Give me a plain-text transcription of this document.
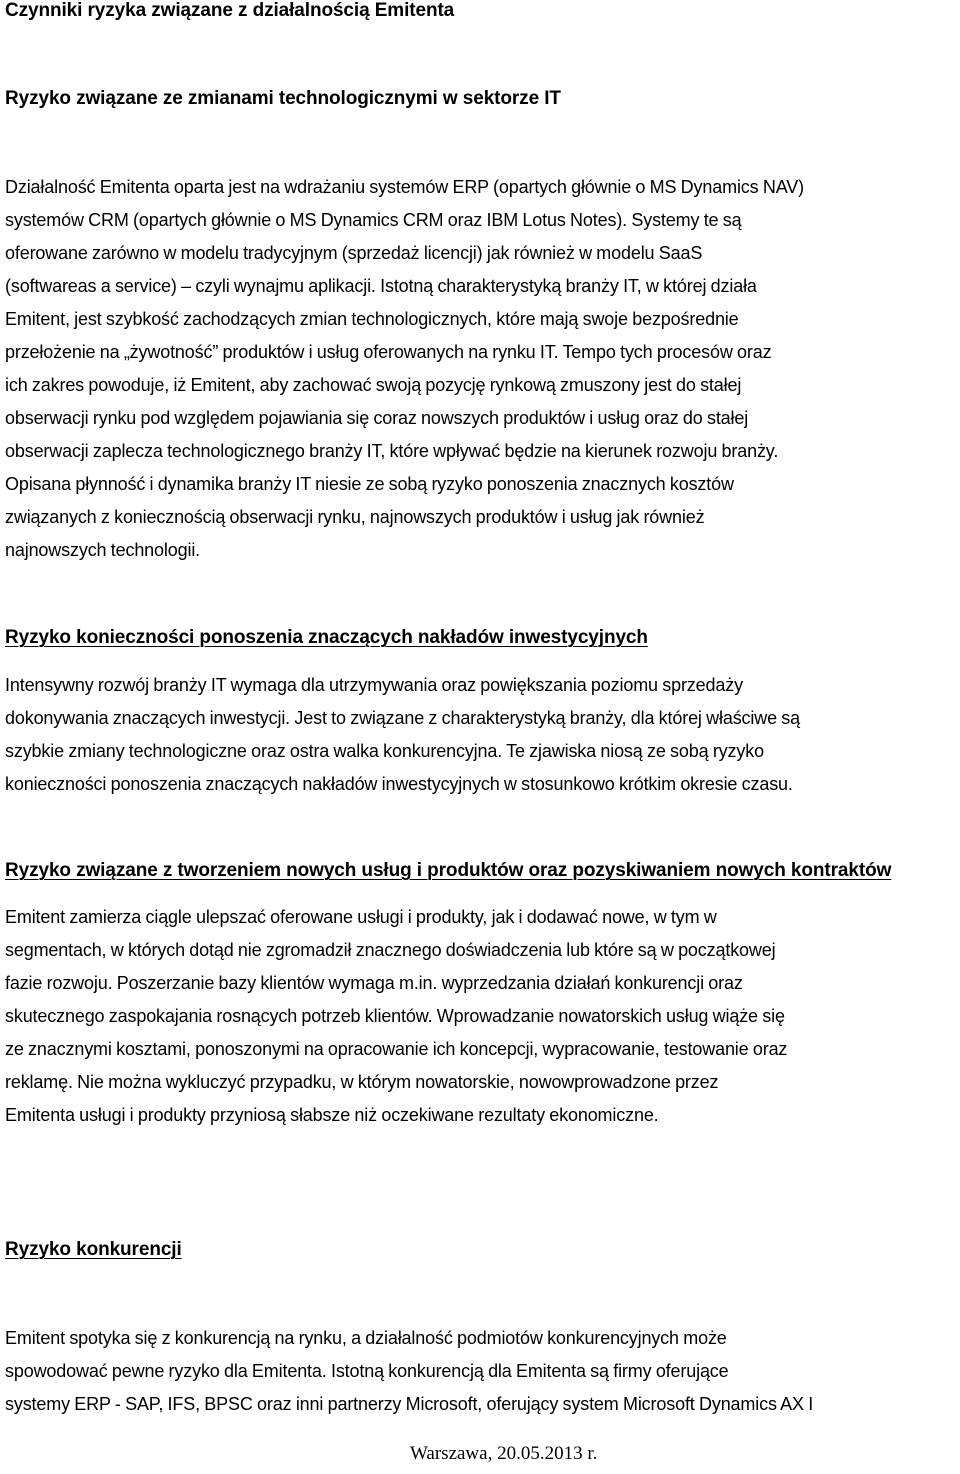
Czynniki ryzyka związane z działalnością Emitenta
Ryzyko związane ze zmianami technologicznymi w sektorze IT
Działalność Emitenta oparta jest na wdrażaniu systemów ERP (opartych głównie o MS Dynamics NAV)
systemów CRM (opartych głównie o MS Dynamics CRM oraz IBM Lotus Notes). Systemy te są
oferowane zarówno w modelu tradycyjnym (sprzedaż licencji) jak również w modelu SaaS
(softwareas a service) – czyli wynajmu aplikacji. Istotną charakterystyką branży IT, w której działa
Emitent, jest szybkość zachodzących zmian technologicznych, które mają swoje bezpośrednie
przełożenie na „żywotność” produktów i usług oferowanych na rynku IT. Tempo tych procesów oraz
ich zakres powoduje, iż Emitent, aby zachować swoją pozycję rynkową zmuszony jest do stałej
obserwacji rynku pod względem pojawiania się coraz nowszych produktów i usług oraz do stałej
obserwacji zaplecza technologicznego branży IT, które wpływać będzie na kierunek rozwoju branży.
Opisana płynność i dynamika branży IT niesie ze sobą ryzyko ponoszenia znacznych kosztów
związanych z koniecznością obserwacji rynku, najnowszych produktów i usług jak również
najnowszych technologii.
Ryzyko konieczności ponoszenia znaczących nakładów inwestycyjnych
Intensywny rozwój branży IT wymaga dla utrzymywania oraz powiększania poziomu sprzedaży
dokonywania znaczących inwestycji. Jest to związane z charakterystyką branży, dla której właściwe są
szybkie zmiany technologiczne oraz ostra walka konkurencyjna. Te zjawiska niosą ze sobą ryzyko
konieczności ponoszenia znaczących nakładów inwestycyjnych w stosunkowo krótkim okresie czasu.
Ryzyko związane z tworzeniem nowych usług i produktów oraz pozyskiwaniem nowych kontraktów
Emitent zamierza ciągle ulepszać oferowane usługi i produkty, jak i dodawać nowe, w tym w
segmentach, w których dotąd nie zgromadził znacznego doświadczenia lub które są w początkowej
fazie rozwoju. Poszerzanie bazy klientów wymaga m.in. wyprzedzania działań konkurencji oraz
skutecznego zaspokajania rosnących potrzeb klientów. Wprowadzanie nowatorskich usług wiąże się
ze znacznymi kosztami, ponoszonymi na opracowanie ich koncepcji, wypracowanie, testowanie oraz
reklamę. Nie można wykluczyć przypadku, w którym nowatorskie, nowowprowadzone przez
Emitenta usługi i produkty przyniosą słabsze niż oczekiwane rezultaty ekonomiczne.
Ryzyko konkurencji
Emitent spotyka się z konkurencją na rynku, a działalność podmiotów konkurencyjnych może
spowodować pewne ryzyko dla Emitenta. Istotną konkurencją dla Emitenta są firmy oferujące
systemy ERP - SAP, IFS, BPSC oraz inni partnerzy Microsoft, oferujący system Microsoft Dynamics AX I
Warszawa, 20.05.2013 r.
